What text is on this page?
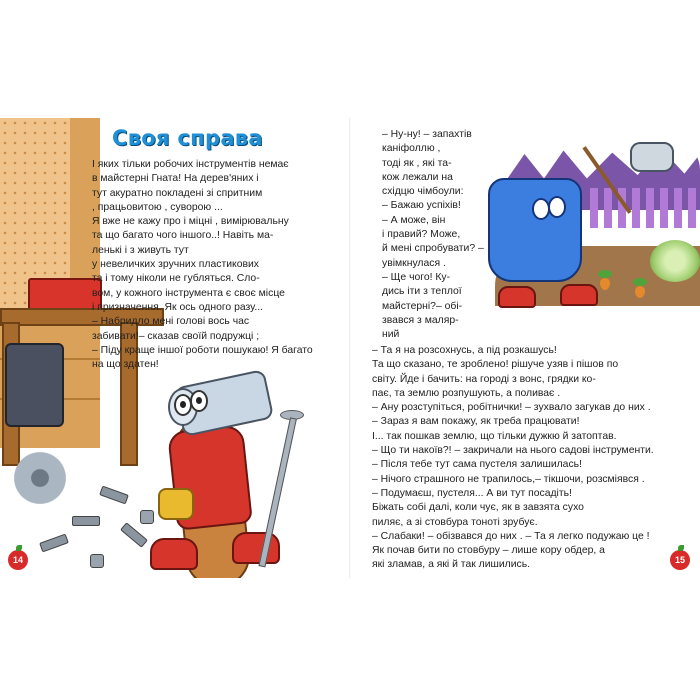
Своя справа

І яких тільки робочих інструментів немає

в майстерні Гната! На дерев'яних і

тут акуратно покладені зі спритним

, працьовитою , суворою ...

Я вже не кажу про і міцні , вимірювальну

та що багато чого іншого..! Навіть ма-

ленькі і з живуть тут

у невеличких зручних пластикових

та і тому ніколи не губляться. Сло-

вом, у кожного інструмента є своє місце

і призначення. Як ось одного разу...

– Набридло мені голові вось час

забивати!– сказав своїй подружці ;

– Піду краще іншої роботи пошукаю! Я багато

на що здатен!

14

– Ну-ну! – запахтів

каніфоллю ,

тоді як , які та-

кож лежали на

східцю чімбоули:

– Бажаю успіхів!

– А може, він

і правий? Може,

й мені спробувати? –

увімкнулася .

– Ще чого! Ку-

дись іти з теплої

майстерні?– обі-

звався з маляр-

ний

– Та я на розсохнусь, а під розкашусь!

Та що сказано, те зроблено! рішуче узяв і пішов по

світу. Йде і бачить: на городі з вонс, грядки ко-

пає, та землю розпушують, а поливає .

– Ану розступіться, робітнички! – зухвало загукав до них .

– Зараз я вам покажу, як треба працювати!

І... так пошкав землю, що тільки дужкю й затоптав.

– Що ти накоїв?! – закричали на нього садові інструменти.

– Після тебе тут сама пустеля залишилась!

– Нічого страшного не трапилось,– тікшочи, розсміявся .

– Подумаєш, пустеля... А ви тут посадіть!

Біжать собі далі, коли чує, як в завзята сухо

пиляє, а зі стовбура тоноті зрубує.

– Слабаки! – обізвався до них . – Та я легко подужаю це !

Як почав бити по стовбуру – лише кору обдер, а

які зламав, а які й так лишились.	15
